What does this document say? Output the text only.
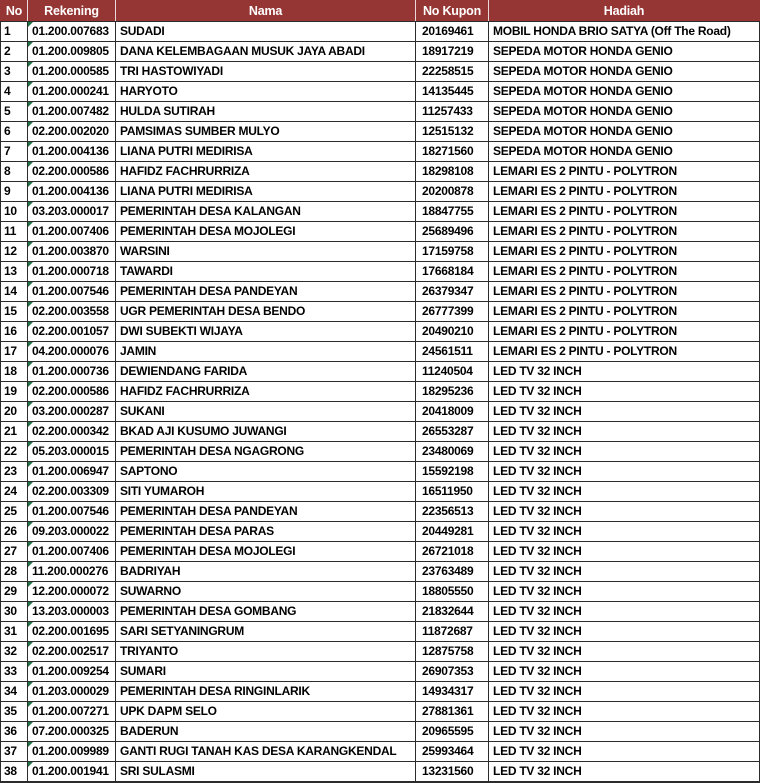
No	Rekening	Nama	No Kupon	Hadiah
1	01.200.007683	SUDADI	20169461	MOBIL HONDA BRIO SATYA (Off The Road)
2	01.200.009805	DANA KELEMBAGAAN MUSUK JAYA ABADI	18917219	SEPEDA MOTOR HONDA GENIO
3	01.200.000585	TRI HASTOWIYADI	22258515	SEPEDA MOTOR HONDA GENIO
4	01.200.000241	HARYOTO	14135445	SEPEDA MOTOR HONDA GENIO
5	01.200.007482	HULDA SUTIRAH	11257433	SEPEDA MOTOR HONDA GENIO
6	02.200.002020	PAMSIMAS SUMBER MULYO	12515132	SEPEDA MOTOR HONDA GENIO
7	01.200.004136	LIANA PUTRI MEDIRISA	18271560	SEPEDA MOTOR HONDA GENIO
8	02.200.000586	HAFIDZ FACHRURRIZA	18298108	LEMARI ES 2 PINTU - POLYTRON
9	01.200.004136	LIANA PUTRI MEDIRISA	20200878	LEMARI ES 2 PINTU - POLYTRON
10	03.203.000017	PEMERINTAH DESA KALANGAN	18847755	LEMARI ES 2 PINTU - POLYTRON
11	01.200.007406	PEMERINTAH DESA MOJOLEGI	25689496	LEMARI ES 2 PINTU - POLYTRON
12	01.200.003870	WARSINI	17159758	LEMARI ES 2 PINTU - POLYTRON
13	01.200.000718	TAWARDI	17668184	LEMARI ES 2 PINTU - POLYTRON
14	01.200.007546	PEMERINTAH DESA PANDEYAN	26379347	LEMARI ES 2 PINTU - POLYTRON
15	02.200.003558	UGR PEMERINTAH DESA BENDO	26777399	LEMARI ES 2 PINTU - POLYTRON
16	02.200.001057	DWI SUBEKTI WIJAYA	20490210	LEMARI ES 2 PINTU - POLYTRON
17	04.200.000076	JAMIN	24561511	LEMARI ES 2 PINTU - POLYTRON
18	01.200.000736	DEWIENDANG FARIDA	11240504	LED TV 32 INCH
19	02.200.000586	HAFIDZ FACHRURRIZA	18295236	LED TV 32 INCH
20	03.200.000287	SUKANI	20418009	LED TV 32 INCH
21	02.200.000342	BKAD AJI KUSUMO JUWANGI	26553287	LED TV 32 INCH
22	05.203.000015	PEMERINTAH DESA NGAGRONG	23480069	LED TV 32 INCH
23	01.200.006947	SAPTONO	15592198	LED TV 32 INCH
24	02.200.003309	SITI YUMAROH	16511950	LED TV 32 INCH
25	01.200.007546	PEMERINTAH DESA PANDEYAN	22356513	LED TV 32 INCH
26	09.203.000022	PEMERINTAH DESA PARAS	20449281	LED TV 32 INCH
27	01.200.007406	PEMERINTAH DESA MOJOLEGI	26721018	LED TV 32 INCH
28	11.200.000276	BADRIYAH	23763489	LED TV 32 INCH
29	12.200.000072	SUWARNO	18805550	LED TV 32 INCH
30	13.203.000003	PEMERINTAH DESA GOMBANG	21832644	LED TV 32 INCH
31	02.200.001695	SARI SETYANINGRUM	11872687	LED TV 32 INCH
32	02.200.002517	TRIYANTO	12875758	LED TV 32 INCH
33	01.200.009254	SUMARI	26907353	LED TV 32 INCH
34	01.203.000029	PEMERINTAH DESA RINGINLARIK	14934317	LED TV 32 INCH
35	01.200.007271	UPK DAPM SELO	27881361	LED TV 32 INCH
36	07.200.000325	BADERUN	20965595	LED TV 32 INCH
37	01.200.009989	GANTI RUGI TANAH KAS DESA KARANGKENDAL	25993464	LED TV 32 INCH
38	01.200.001941	SRI SULASMI	13231560	LED TV 32 INCH
